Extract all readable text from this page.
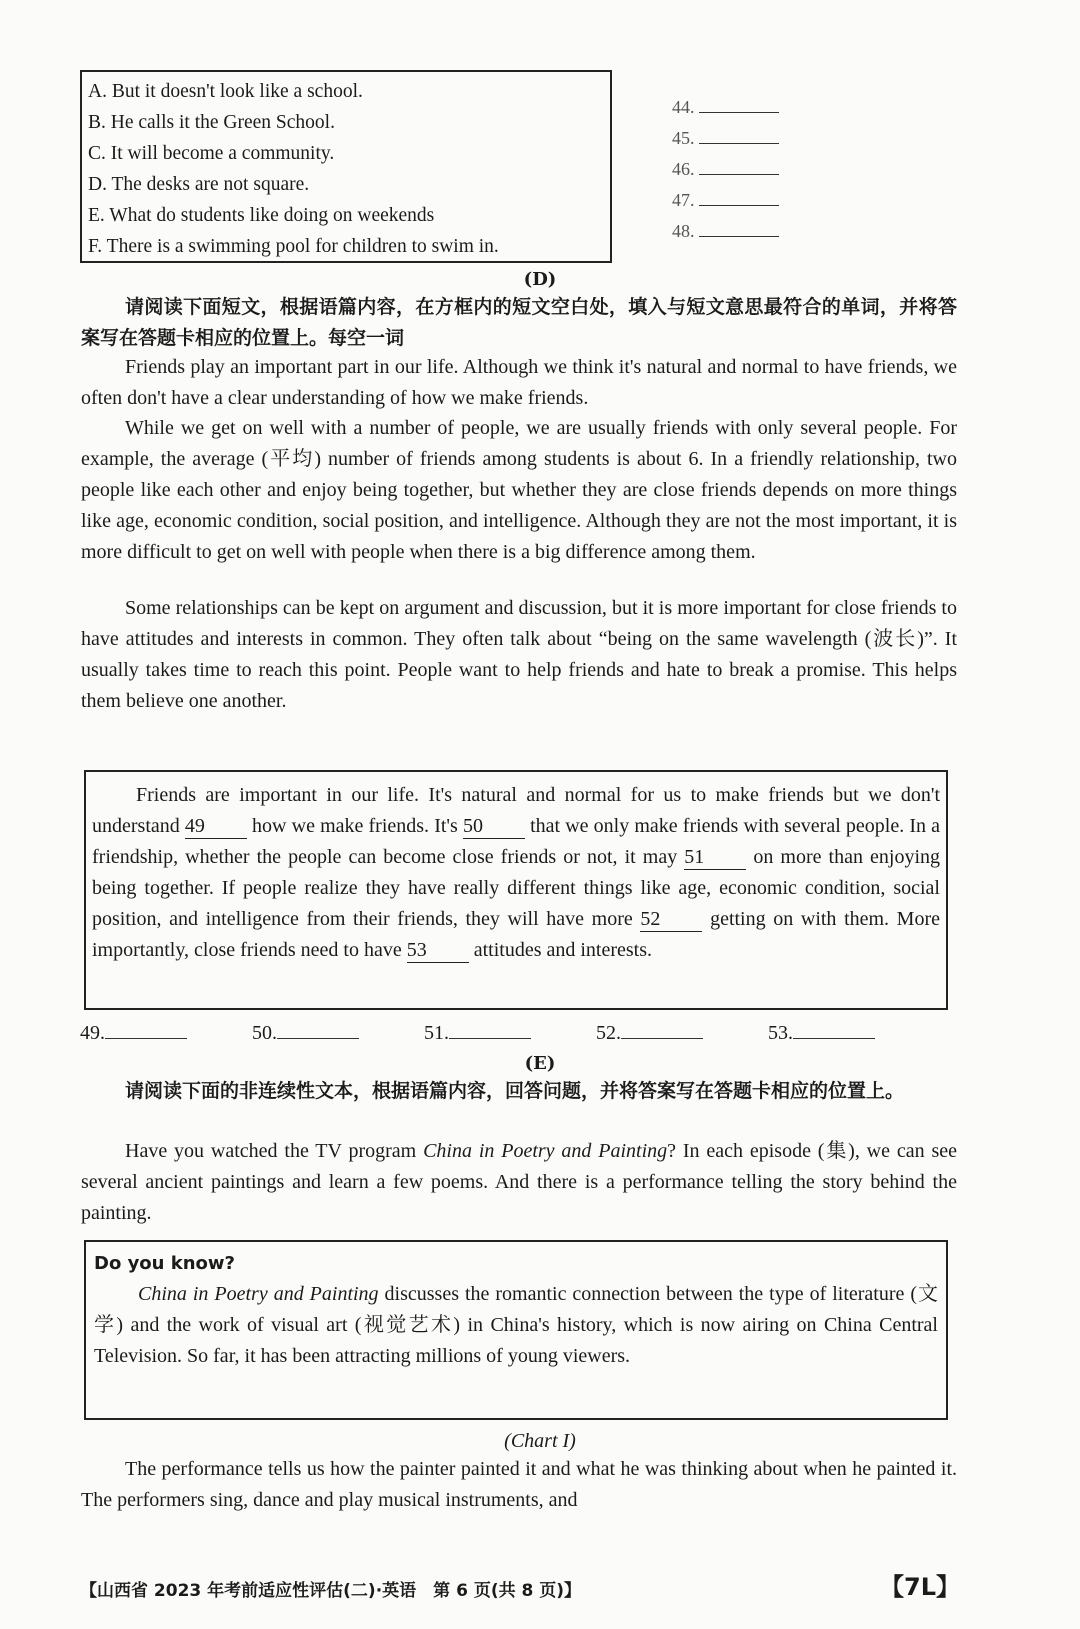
A. But it doesn't look like a school.
B. He calls it the Green School.
C. It will become a community.
D. The desks are not square.
E. What do students like doing on weekends
F. There is a swimming pool for children to swim in.
44.
45.
46.
47.
48.
(D)
请阅读下面短文，根据语篇内容，在方框内的短文空白处，填入与短文意思最符合的单词，并将答案写在答题卡相应的位置上。每空一词
Friends play an important part in our life. Although we think it's natural and normal to have friends, we often don't have a clear understanding of how we make friends.
While we get on well with a number of people, we are usually friends with only several people. For example, the average (平均) number of friends among students is about 6. In a friendly relationship, two people like each other and enjoy being together, but whether they are close friends depends on more things like age, economic condition, social position, and intelligence. Although they are not the most important, it is more difficult to get on well with people when there is a big difference among them.
Some relationships can be kept on argument and discussion, but it is more important for close friends to have attitudes and interests in common. They often talk about “being on the same wavelength (波长)”. It usually takes time to reach this point. People want to help friends and hate to break a promise. This helps them believe one another.
Friends are important in our life. It's natural and normal for us to make friends but we don't understand 49 how we make friends. It's 50 that we only make friends with several people. In a friendship, whether the people can become close friends or not, it may 51 on more than enjoying being together. If people realize they have really different things like age, economic condition, social position, and intelligence from their friends, they will have more 52 getting on with them. More importantly, close friends need to have 53 attitudes and interests.
49.	50.	51.	52.	53.
(E)
请阅读下面的非连续性文本，根据语篇内容，回答问题，并将答案写在答题卡相应的位置上。
Have you watched the TV program China in Poetry and Painting? In each episode (集), we can see several ancient paintings and learn a few poems. And there is a performance telling the story behind the painting.
Do you know?
China in Poetry and Painting discusses the romantic connection between the type of literature (文学) and the work of visual art (视觉艺术) in China's history, which is now airing on China Central Television. So far, it has been attracting millions of young viewers.
(Chart I)
The performance tells us how the painter painted it and what he was thinking about when he painted it. The performers sing, dance and play musical instruments, and
【山西省 2023 年考前适应性评估(二)·英语　第 6 页(共 8 页)】	【7L】
